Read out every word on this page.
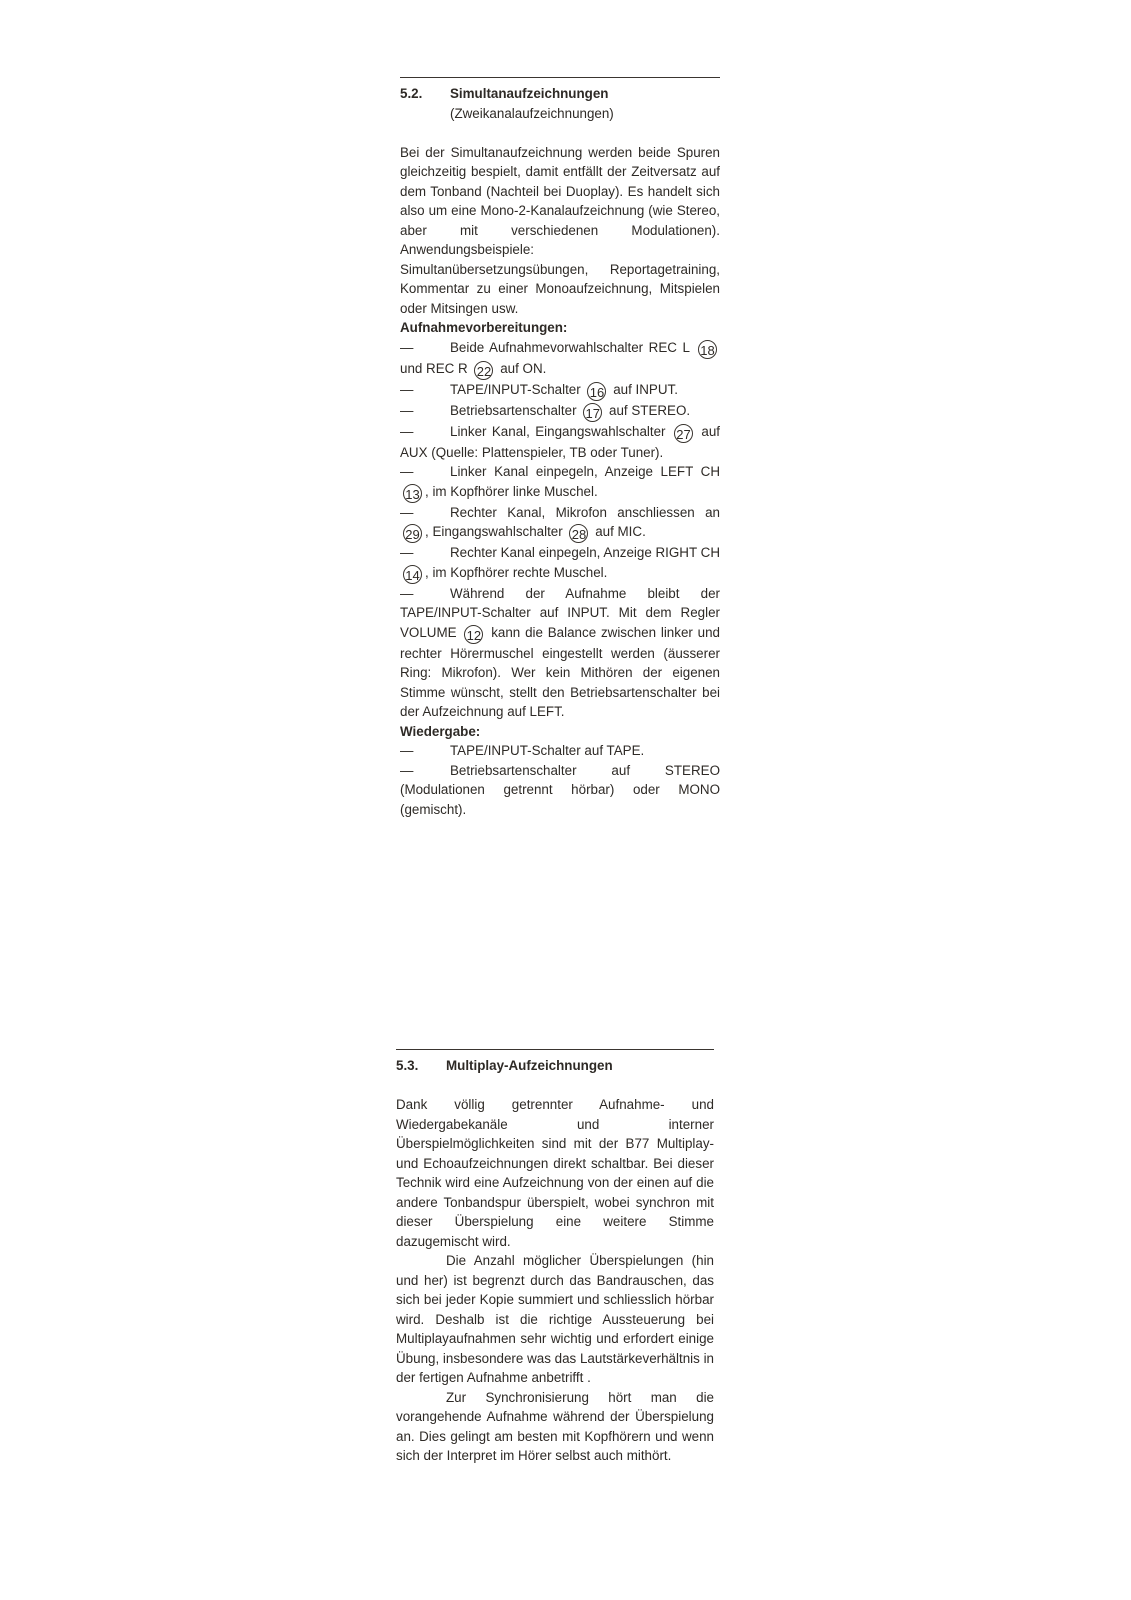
5.2.	Simultanaufzeichnungen
(Zweikanalaufzeichnungen)

Bei der Simultanaufzeichnung werden beide Spuren gleichzeitig bespielt, damit entfällt der Zeitversatz auf dem Tonband (Nachteil bei Duoplay). Es handelt sich also um eine Mono-2-Kanalaufzeichnung (wie Stereo, aber mit verschiedenen Modulationen). Anwendungsbeispiele: Simultanübersetzungsübungen, Reportagetraining, Kommentar zu einer Monoaufzeichnung, Mitspielen oder Mitsingen usw.

Aufnahmevorbereitungen:
—	Beide Aufnahmevorwahlschalter REC L 18 und REC R 22 auf ON.
—	TAPE/INPUT-Schalter 16 auf INPUT.
—	Betriebsartenschalter 17 auf STEREO.
—	Linker Kanal, Eingangswahlschalter 27 auf AUX (Quelle: Plattenspieler, TB oder Tuner).
—	Linker Kanal einpegeln, Anzeige LEFT CH 13 , im Kopfhörer linke Muschel.
—	Rechter Kanal, Mikrofon anschliessen an 29 , Eingangswahlschalter 28 auf MIC.
—	Rechter Kanal einpegeln, Anzeige RIGHT CH 14 , im Kopfhörer rechte Muschel.
—	Während der Aufnahme bleibt der TAPE/INPUT-Schalter auf INPUT. Mit dem Regler VOLUME 12 kann die Balance zwischen linker und rechter Hörermuschel eingestellt werden (äusserer Ring: Mikrofon). Wer kein Mithören der eigenen Stimme wünscht, stellt den Betriebsartenschalter bei der Aufzeichnung auf LEFT.
Wiedergabe:
—	TAPE/INPUT-Schalter auf TAPE.
—	Betriebsartenschalter auf STEREO (Modulationen getrennt hörbar) oder MONO (gemischt).
5.3.	Multiplay-Aufzeichnungen

Dank völlig getrennter Aufnahme- und Wiedergabekanäle und interner Überspielmöglichkeiten sind mit der B77 Multiplay- und Echoaufzeichnungen direkt schaltbar. Bei dieser Technik wird eine Aufzeichnung von der einen auf die andere Tonbandspur überspielt, wobei synchron mit dieser Überspielung eine weitere Stimme dazugemischt wird.

Die Anzahl möglicher Überspielungen (hin und her) ist begrenzt durch das Bandrauschen, das sich bei jeder Kopie summiert und schliesslich hörbar wird. Deshalb ist die richtige Aussteuerung bei Multiplayaufnahmen sehr wichtig und erfordert einige Übung, insbesondere was das Lautstärkeverhältnis in der fertigen Aufnahme anbetrifft .

Zur Synchronisierung hört man die vorangehende Aufnahme während der Überspielung an. Dies gelingt am besten mit Kopfhörern und wenn sich der Interpret im Hörer selbst auch mithört.
